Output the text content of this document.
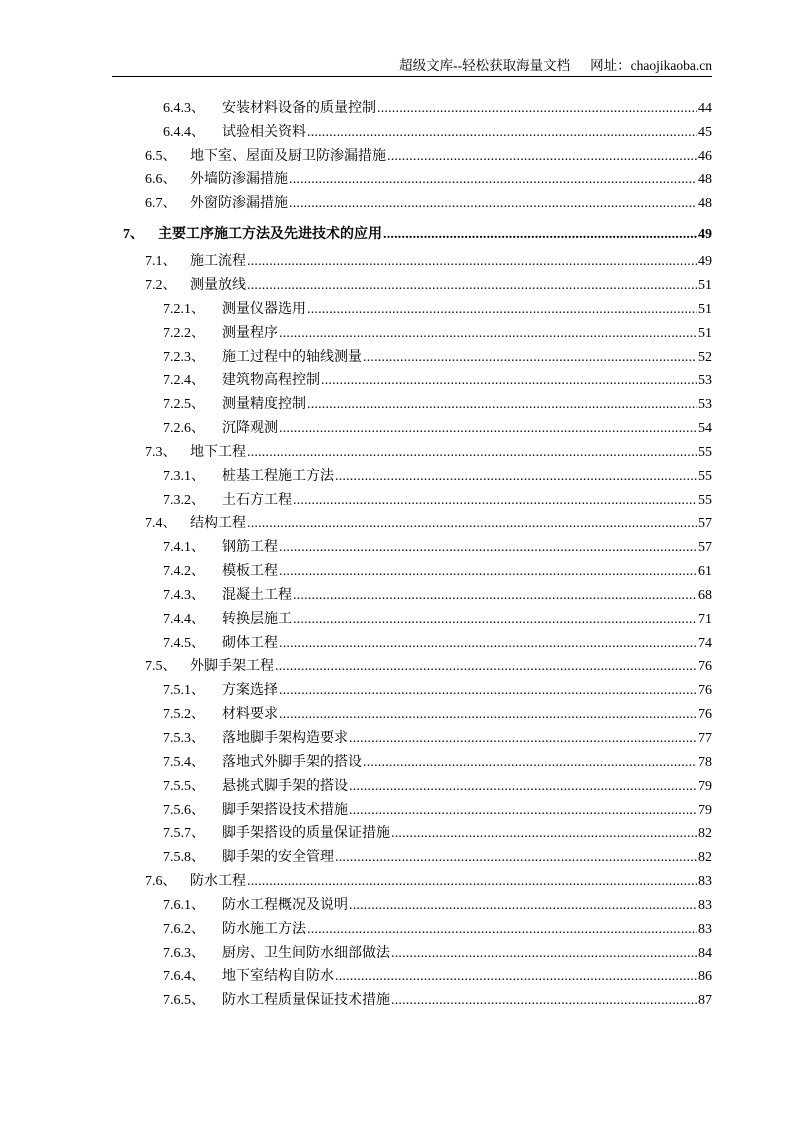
超级文库--轻松获取海量文档 网址：chaojikaoba.cn
6.4.3、 安装材料设备的质量控制 .....	44
6.4.4、 试验相关资料 .....	45
6.5、 地下室、屋面及厨卫防渗漏措施 .....	46
6.6、 外墙防渗漏措施 .....	48
6.7、 外窗防渗漏措施 .....	48
7、 主要工序施工方法及先进技术的应用 .....	49
7.1、 施工流程 .....	49
7.2、 测量放线 .....	51
7.2.1、 测量仪器选用 .....	51
7.2.2、 测量程序 .....	51
7.2.3、 施工过程中的轴线测量 .....	52
7.2.4、 建筑物高程控制 .....	53
7.2.5、 测量精度控制 .....	53
7.2.6、 沉降观测 .....	54
7.3、 地下工程 .....	55
7.3.1、 桩基工程施工方法 .....	55
7.3.2、 土石方工程 .....	55
7.4、 结构工程 .....	57
7.4.1、 钢筋工程 .....	57
7.4.2、 模板工程 .....	61
7.4.3、 混凝土工程 .....	68
7.4.4、 转换层施工 .....	71
7.4.5、 砌体工程 .....	74
7.5、 外脚手架工程 .....	76
7.5.1、 方案选择 .....	76
7.5.2、 材料要求 .....	76
7.5.3、 落地脚手架构造要求 .....	77
7.5.4、 落地式外脚手架的搭设 .....	78
7.5.5、 悬挑式脚手架的搭设 .....	79
7.5.6、 脚手架搭设技术措施 .....	79
7.5.7、 脚手架搭设的质量保证措施 .....	82
7.5.8、 脚手架的安全管理 .....	82
7.6、 防水工程 .....	83
7.6.1、 防水工程概况及说明 .....	83
7.6.2、 防水施工方法 .....	83
7.6.3、 厨房、卫生间防水细部做法 .....	84
7.6.4、 地下室结构自防水 .....	86
7.6.5、 防水工程质量保证技术措施 .....	87
